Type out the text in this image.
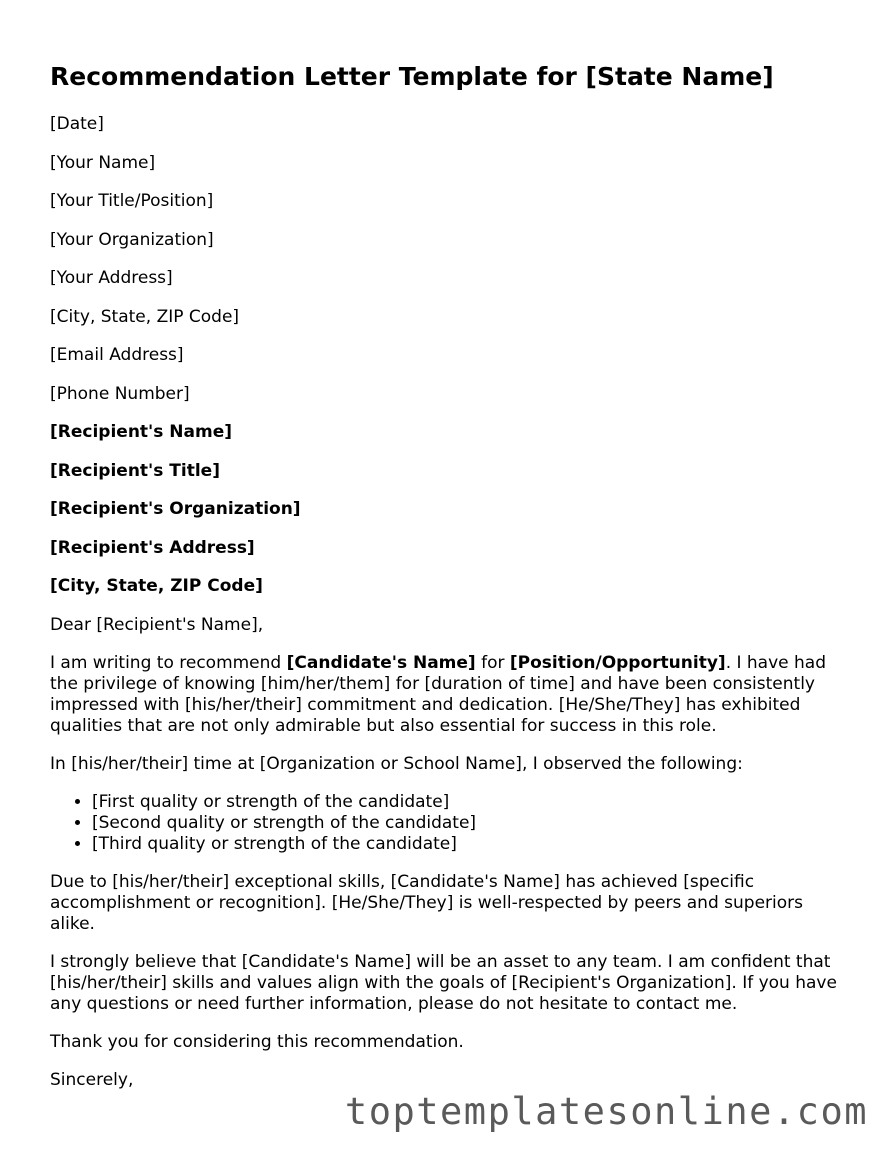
Recommendation Letter Template for [State Name]

[Date]

[Your Name]

[Your Title/Position]

[Your Organization]

[Your Address]

[City, State, ZIP Code]

[Email Address]

[Phone Number]

[Recipient's Name]

[Recipient's Title]

[Recipient's Organization]

[Recipient's Address]

[City, State, ZIP Code]

Dear [Recipient's Name],

I am writing to recommend [Candidate's Name] for [Position/Opportunity]. I have had the privilege of knowing [him/her/them] for [duration of time] and have been consistently impressed with [his/her/their] commitment and dedication. [He/She/They] has exhibited qualities that are not only admirable but also essential for success in this role.

In [his/her/their] time at [Organization or School Name], I observed the following:

• [First quality or strength of the candidate]
• [Second quality or strength of the candidate]
• [Third quality or strength of the candidate]

Due to [his/her/their] exceptional skills, [Candidate's Name] has achieved [specific accomplishment or recognition]. [He/She/They] is well-respected by peers and superiors alike.

I strongly believe that [Candidate's Name] will be an asset to any team. I am confident that [his/her/their] skills and values align with the goals of [Recipient's Organization]. If you have any questions or need further information, please do not hesitate to contact me.

Thank you for considering this recommendation.

Sincerely,

toptemplatesonline.com
